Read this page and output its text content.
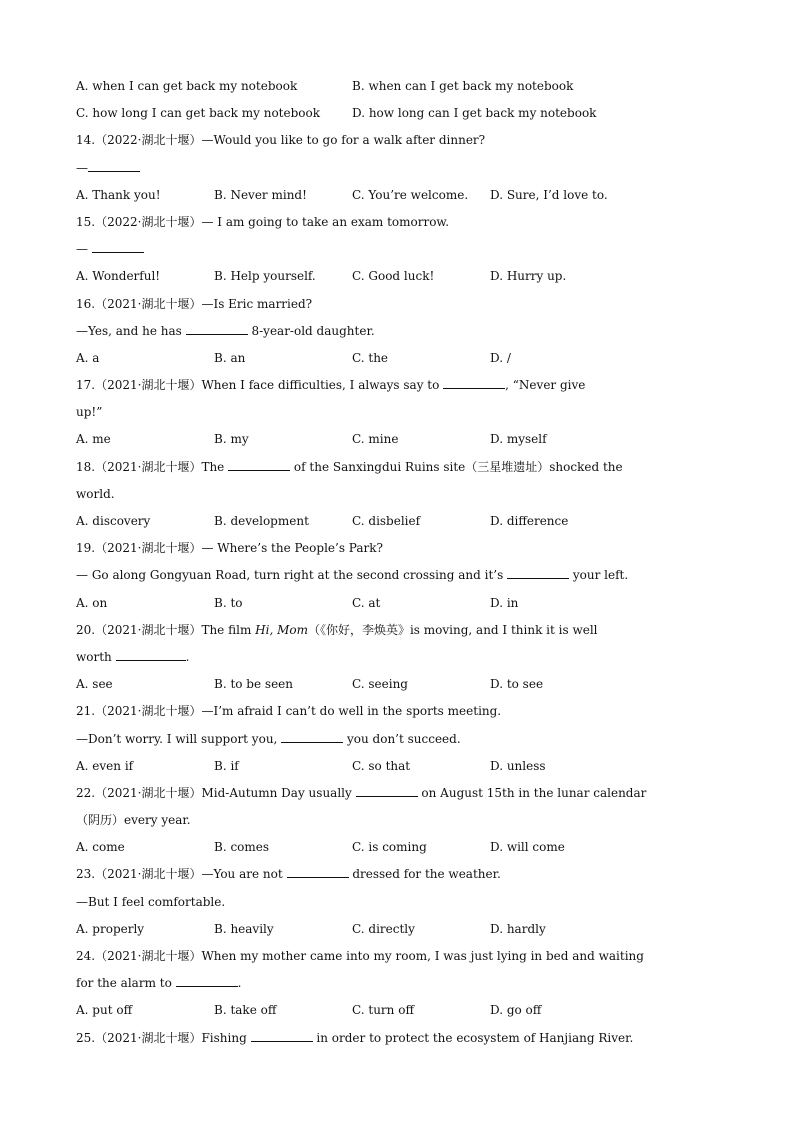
A. when I can get back my notebook	B. when can I get back my notebook
C. how long I can get back my notebook	D. how long can I get back my notebook
14.（2022·湖北十堰）—Would you like to go for a walk after dinner?
—
A. Thank you!	B. Never mind!	C. You’re welcome.	D. Sure, I’d love to.
15.（2022·湖北十堰）— I am going to take an exam tomorrow.
—
A. Wonderful!	B. Help yourself.	C. Good luck!	D. Hurry up.
16.（2021·湖北十堰）—Is Eric married?
—Yes, and he has	8-year-old daughter.
A. a	B. an	C. the	D. /
17.（2021·湖北十堰）When I face difficulties, I always say to	, “Never give
up!”
A. me	B. my	C. mine	D. myself
18.（2021·湖北十堰）The	of the Sanxingdui Ruins site（三星堆遗址）shocked the
world.
A. discovery	B. development	C. disbelief	D. difference
19.（2021·湖北十堰）— Where’s the People’s Park?
— Go along Gongyuan Road, turn right at the second crossing and it’s	your left.
A. on	B. to	C. at	D. in
20.（2021·湖北十堰）The film Hi, Mom（《你好，李焕英》is moving, and I think it is well
worth	.
A. see	B. to be seen	C. seeing	D. to see
21.（2021·湖北十堰）—I’m afraid I can’t do well in the sports meeting.
—Don’t worry. I will support you,	you don’t succeed.
A. even if	B. if	C. so that	D. unless
22.（2021·湖北十堰）Mid-Autumn Day usually	on August 15th in the lunar calendar
（阴历）every year.
A. come	B. comes	C. is coming	D. will come
23.（2021·湖北十堰）—You are not	dressed for the weather.
—But I feel comfortable.
A. properly	B. heavily	C. directly	D. hardly
24.（2021·湖北十堰）When my mother came into my room, I was just lying in bed and waiting
for the alarm to	.
A. put off	B. take off	C. turn off	D. go off
25.（2021·湖北十堰）Fishing	in order to protect the ecosystem of Hanjiang River.
